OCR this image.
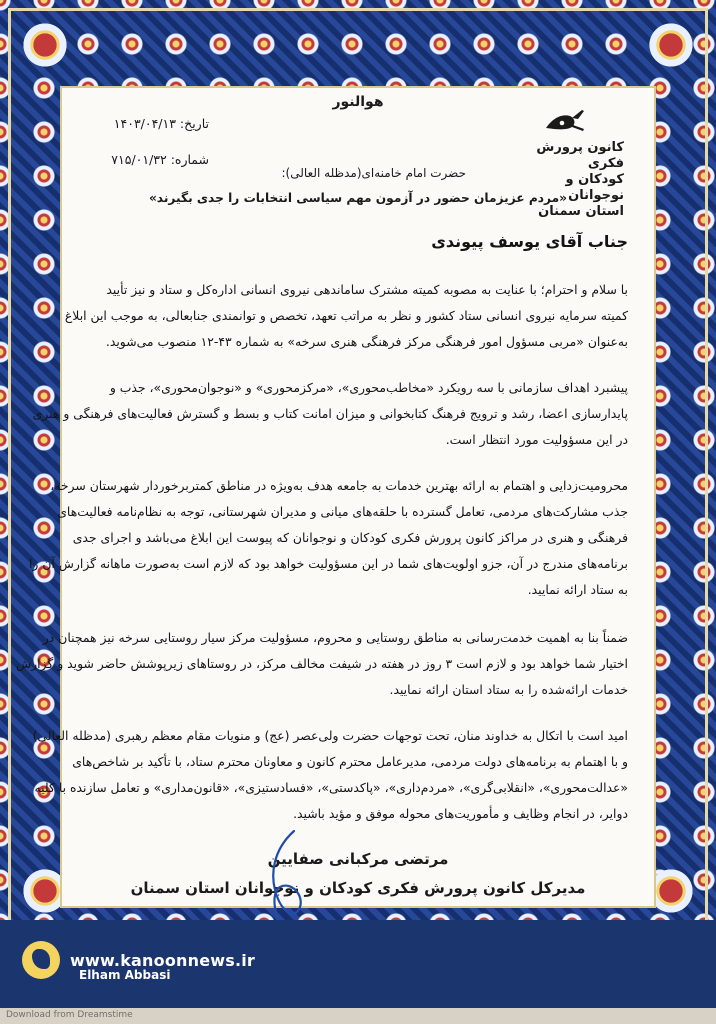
هوالنور
تاریخ: ۱۴۰۳/۰۴/۱۳
شماره: ۷۱۵/۰۱/۳۲
کانون پرورش فکری
کودکان و نوجوانان
استان سمنان
حضرت امام خامنه‌ای(مدظله العالی):
«مردم عزیزمان حضور در آزمون مهم سیاسی انتخابات را جدی بگیرند»
جناب آقای یوسف پیوندی
با سلام و احترام؛ با عنایت به مصوبه کمیته مشترک ساماندهی نیروی انسانی اداره‌کل و ستاد و نیز تأیید
کمیته سرمایه نیروی انسانی ستاد کشور و نظر به مراتب تعهد، تخصص و توانمندی جنابعالی، به موجب این ابلاغ
به‌عنوان «مربی مسؤول امور فرهنگی مرکز فرهنگی هنری سرخه» به شماره ۴۳-۱۲ منصوب می‌شوید.
پیشبرد اهداف سازمانی با سه رویکرد «مخاطب‌محوری»، «مرکزمحوری» و «نوجوان‌محوری»، جذب و
پایدارسازی اعضا، رشد و ترویج فرهنگ کتابخوانی و میزان امانت کتاب و بسط و گسترش فعالیت‌های فرهنگی و هنری
در این مسؤولیت مورد انتظار است.
محرومیت‌زدایی و اهتمام به ارائه بهترین خدمات به جامعه هدف به‌ویژه در مناطق کمتربرخوردار شهرستان سرخه،
جذب مشارکت‌های مردمی، تعامل گسترده با حلقه‌های میانی و مدیران شهرستانی، توجه به نظام‌نامه فعالیت‌های
فرهنگی و هنری در مراکز کانون پرورش فکری کودکان و نوجوانان که پیوست این ابلاغ می‌باشد و اجرای جدی
برنامه‌های مندرج در آن، جزو اولویت‌های شما در این مسؤولیت خواهد بود که لازم است به‌صورت ماهانه گزارش آن را
به ستاد ارائه نمایید.
ضمناً بنا به اهمیت خدمت‌رسانی به مناطق روستایی و محروم، مسؤولیت مرکز سیار روستایی سرخه نیز همچنان در
اختیار شما خواهد بود و لازم است ۳ روز در هفته در شیفت مخالف مرکز، در روستاهای زیرپوشش حاضر شوید و گزارش
خدمات ارائه‌شده را به ستاد استان ارائه نمایید.
امید است با اتکال به خداوند منان، تحت توجهات حضرت ولی‌عصر (عج) و منویات مقام معظم رهبری (مدظله العالی)
و با اهتمام به برنامه‌های دولت مردمی، مدیرعامل محترم کانون و معاونان محترم ستاد، با تأکید بر شاخص‌های
«عدالت‌محوری»، «انقلابی‌گری»، «مردم‌داری»، «پاکدستی»، «فسادستیزی»، «قانون‌مداری» و تعامل سازنده با کلیه
دوایر، در انجام وظایف و مأموریت‌های محوله موفق و مؤید باشید.
مرتضی مرکبانی صفایین
مدیرکل کانون پرورش فکری کودکان و نوجوانان استان سمنان
www.kanoonnews.ir
Elham Abbasi
Download from Dreamstime
